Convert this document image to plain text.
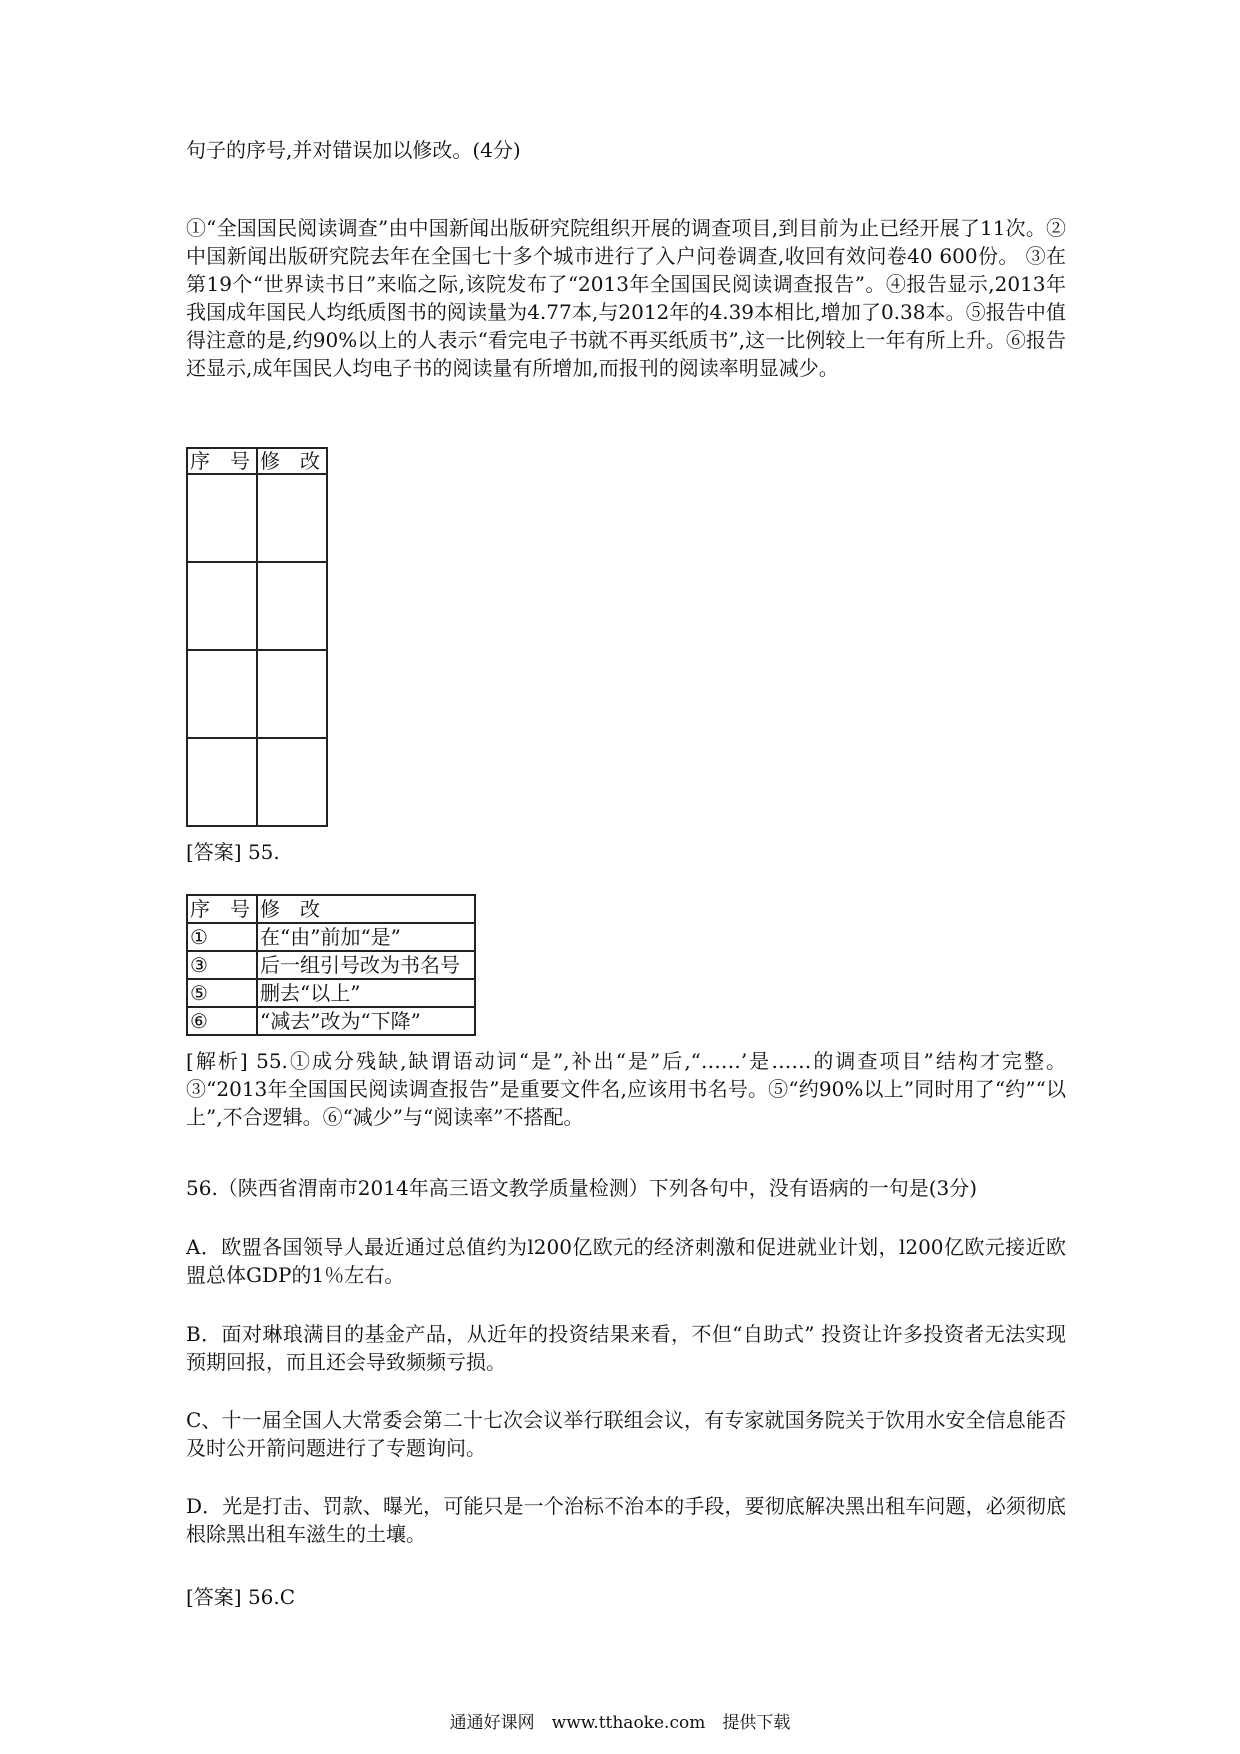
句子的序号,并对错误加以修改。(4分)

①“全国国民阅读调查”由中国新闻出版研究院组织开展的调查项目,到目前为止已经开展了11次。②中国新闻出版研究院去年在全国七十多个城市进行了入户问卷调查,收回有效问卷40 600份。 ③在第19个“世界读书日”来临之际,该院发布了“2013年全国国民阅读调查报告”。④报告显示,2013年我国成年国民人均纸质图书的阅读量为4.77本,与2012年的4.39本相比,增加了0.38本。⑤报告中值得注意的是,约90%以上的人表示“看完电子书就不再买纸质书”,这一比例较上一年有所上升。⑥报告还显示,成年国民人均电子书的阅读量有所增加,而报刊的阅读率明显减少。

序　号	修　改

[答案] 55.
序　号	修　改
①	在“由”前加“是”
③	后一组引号改为书名号
⑤	删去“以上”
⑥	“减去”改为“下降”

[解析] 55.①成分残缺,缺谓语动词“是”,补出“是”后,“……’是……的调查项目”结构才完整。③“2013年全国国民阅读调查报告”是重要文件名,应该用书名号。⑤“约90%以上”同时用了“约”“以上”,不合逻辑。⑥“减少”与“阅读率”不搭配。

56.（陕西省渭南市2014年高三语文教学质量检测）下列各句中，没有语病的一句是(3分)

A．欧盟各国领导人最近通过总值约为l200亿欧元的经济刺激和促进就业计划，l200亿欧元接近欧盟总体GDP的1％左右。

B．面对琳琅满目的基金产品，从近年的投资结果来看，不但“自助式” 投资让许多投资者无法实现预期回报，而且还会导致频频亏损。

C、十一届全国人大常委会第二十七次会议举行联组会议，有专家就国务院关于饮用水安全信息能否及时公开箭问题进行了专题询问。

D．光是打击、罚款、曝光，可能只是一个治标不治本的手段，要彻底解决黑出租车问题，必须彻底根除黑出租车滋生的土壤。

[答案] 56.C
通通好课网　www.tthaoke.com　提供下载
